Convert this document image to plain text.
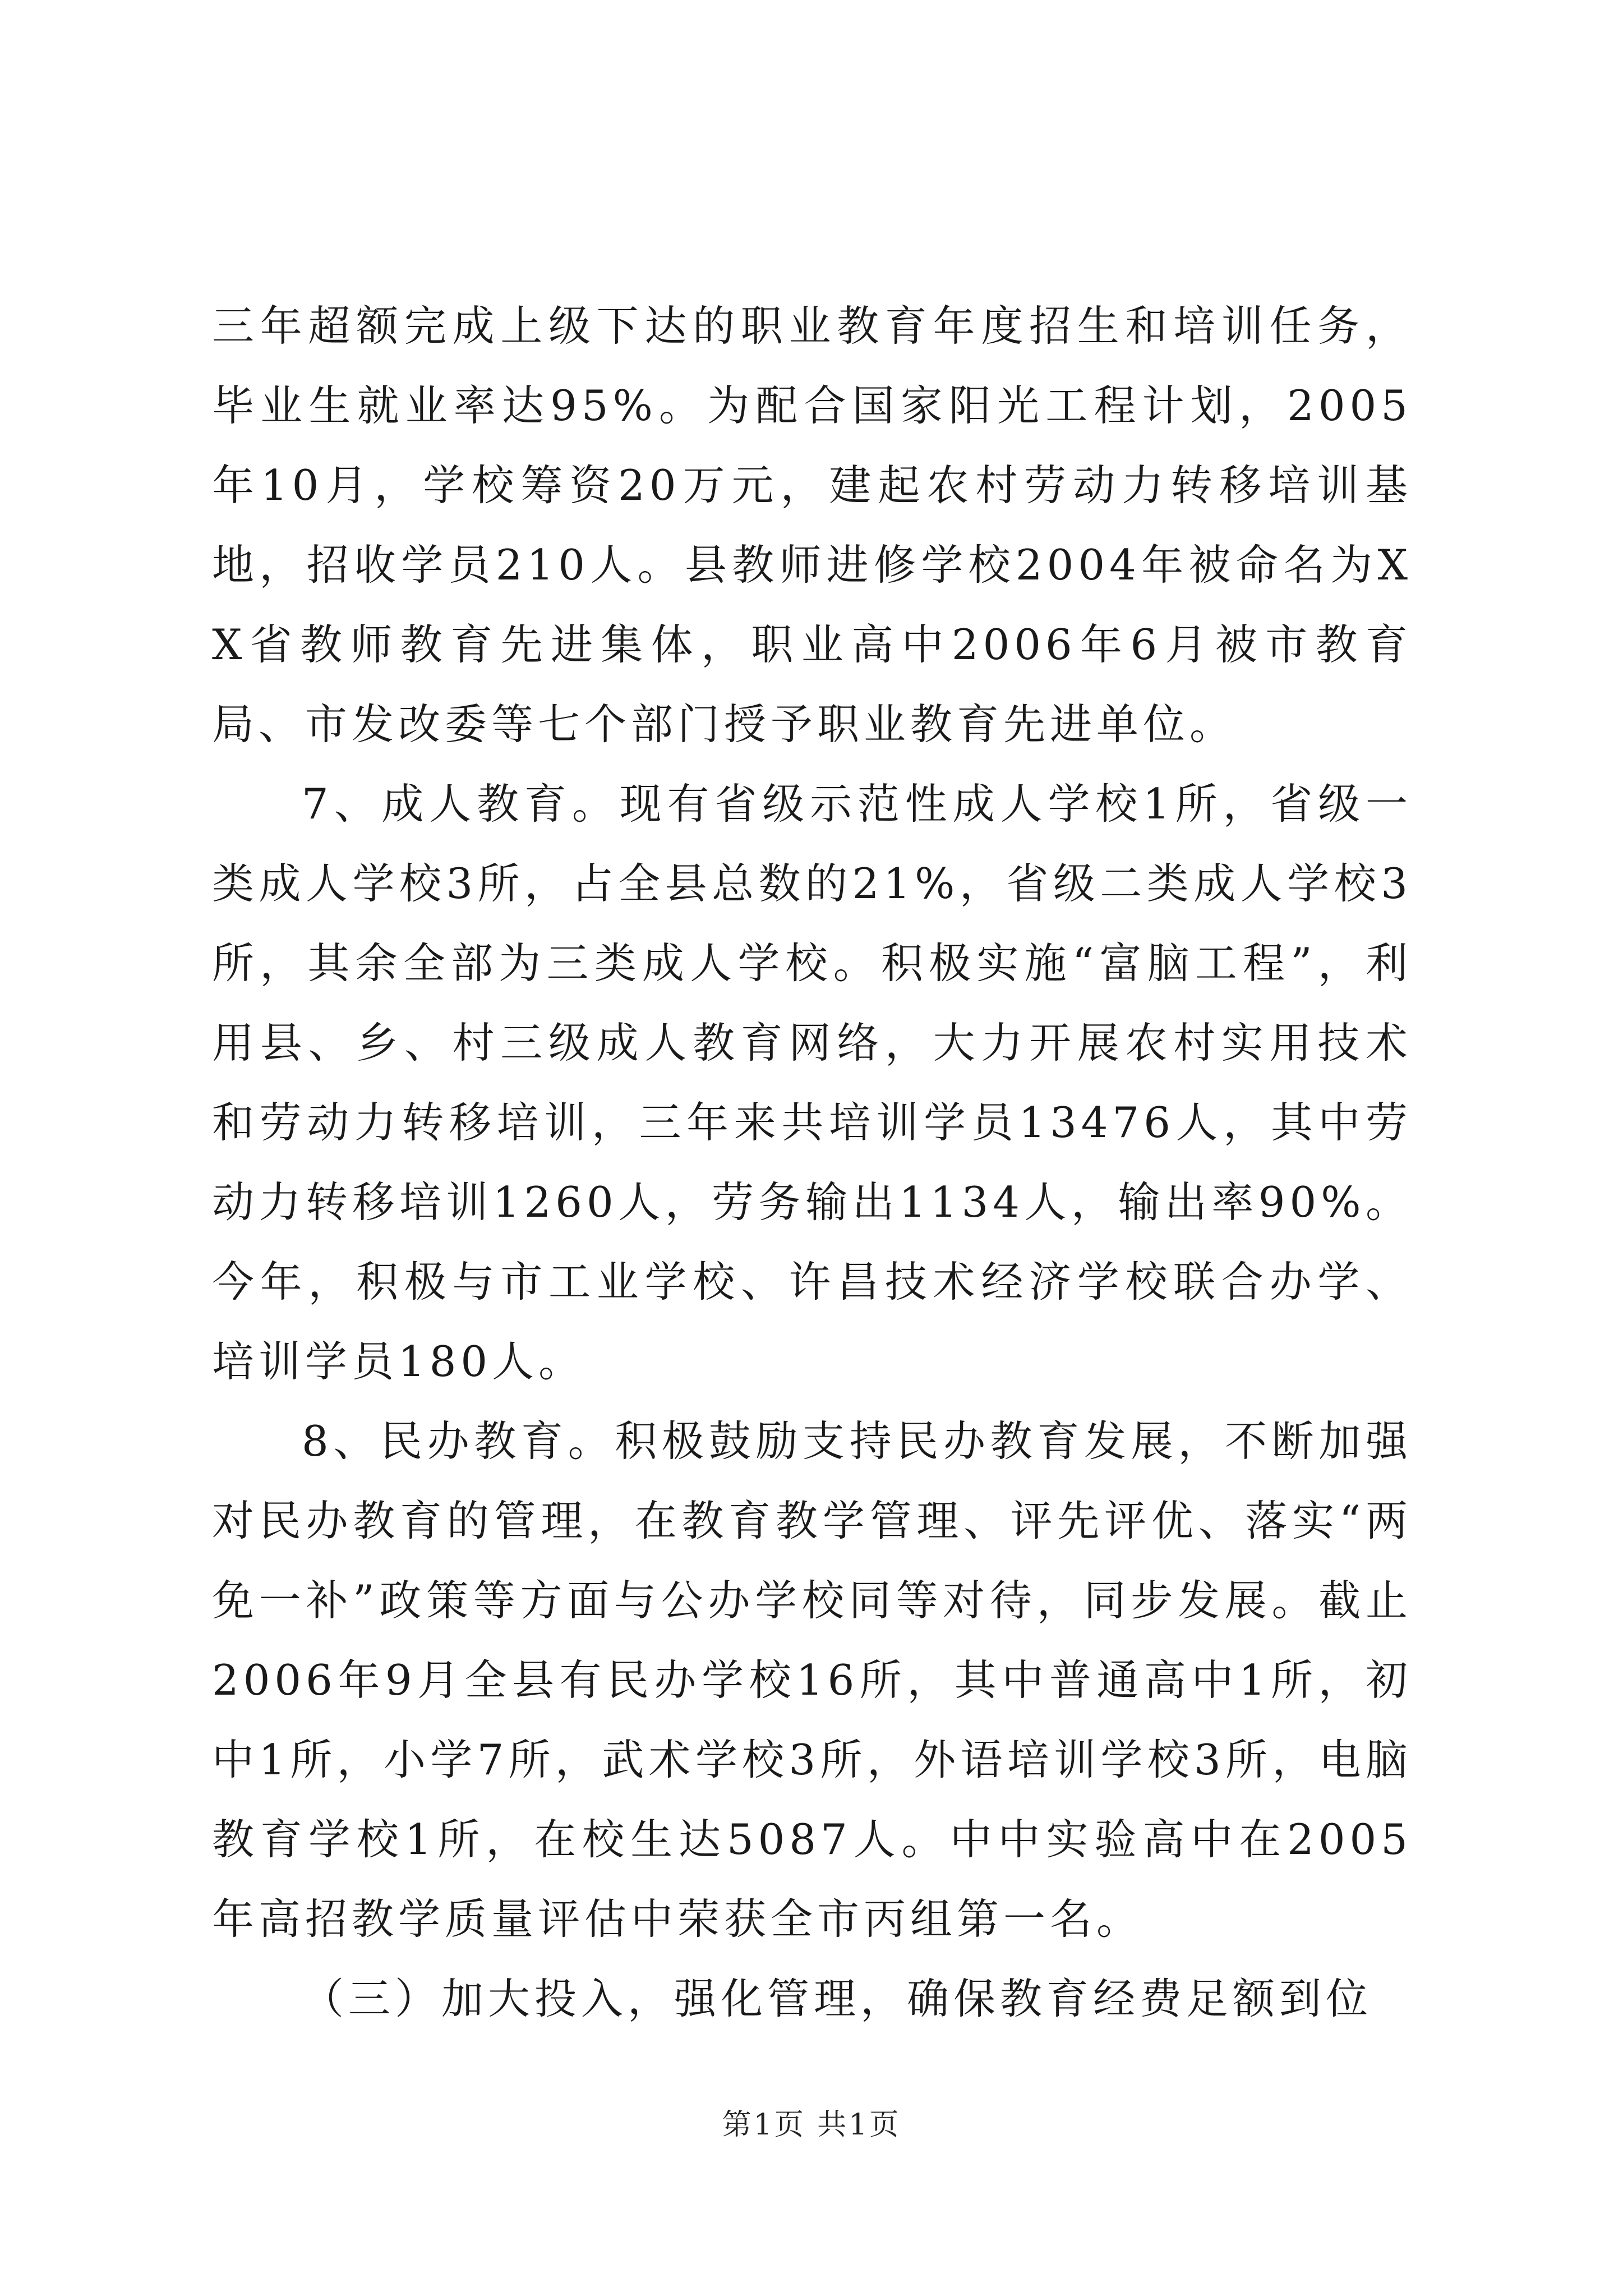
三年超额完成上级下达的职业教育年度招生和培训任务，毕业生就业率达95%。为配合国家阳光工程计划，2005年10月，学校筹资20万元，建起农村劳动力转移培训基地，招收学员210人。县教师进修学校2004年被命名为XX省教师教育先进集体，职业高中2006年6月被市教育局、市发改委等七个部门授予职业教育先进单位。

7、成人教育。现有省级示范性成人学校1所，省级一类成人学校3所，占全县总数的21%，省级二类成人学校3所，其余全部为三类成人学校。积极实施“富脑工程”，利用县、乡、村三级成人教育网络，大力开展农村实用技术和劳动力转移培训，三年来共培训学员13476人，其中劳动力转移培训1260人，劳务输出1134人，输出率90%。今年，积极与市工业学校、许昌技术经济学校联合办学、培训学员180人。

8、民办教育。积极鼓励支持民办教育发展，不断加强对民办教育的管理，在教育教学管理、评先评优、落实“两免一补”政策等方面与公办学校同等对待，同步发展。截止2006年9月全县有民办学校16所，其中普通高中1所，初中1所，小学7所，武术学校3所，外语培训学校3所，电脑教育学校1所，在校生达5087人。中中实验高中在2005年高招教学质量评估中荣获全市丙组第一名。

（三）加大投入，强化管理，确保教育经费足额到位

第1页 共1页
